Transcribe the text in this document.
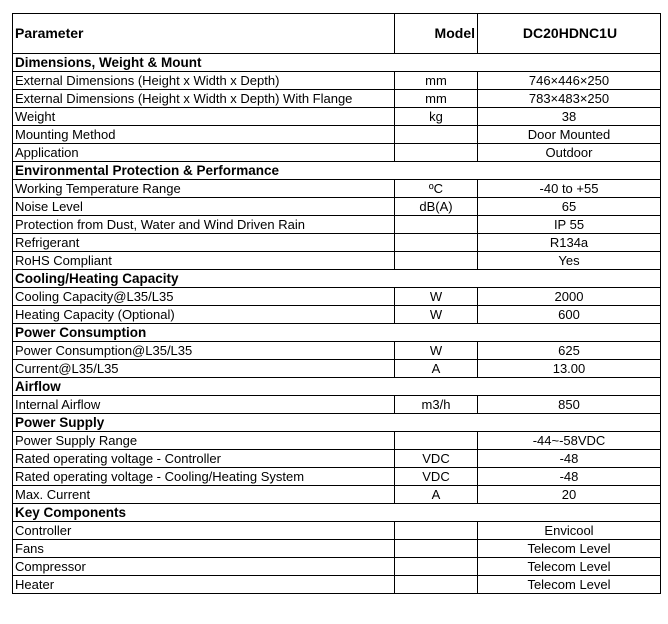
Parameter	Model	DC20HDNC1U
Dimensions, Weight & Mount		
External Dimensions (Height x Width x Depth)	mm	746×446×250
External Dimensions (Height x Width x Depth) With Flange	mm	783×483×250
Weight	kg	38
Mounting Method		Door Mounted
Application		Outdoor
Environmental Protection & Performance		
Working Temperature Range	ºC	-40 to +55
Noise Level	dB(A)	65
Protection from Dust, Water and Wind Driven Rain		IP 55
Refrigerant		R134a
RoHS Compliant		Yes
Cooling/Heating Capacity		
Cooling Capacity@L35/L35	W	2000
Heating Capacity (Optional)	W	600
Power Consumption		
Power Consumption@L35/L35	W	625
Current@L35/L35	A	13.00
Airflow		
Internal Airflow	m3/h	850
Power Supply		
Power Supply Range		-44~-58VDC
Rated operating voltage - Controller	VDC	-48
Rated operating voltage - Cooling/Heating System	VDC	-48
Max. Current	A	20
Key Components		
Controller		Envicool
Fans		Telecom Level
Compressor		Telecom Level
Heater		Telecom Level
